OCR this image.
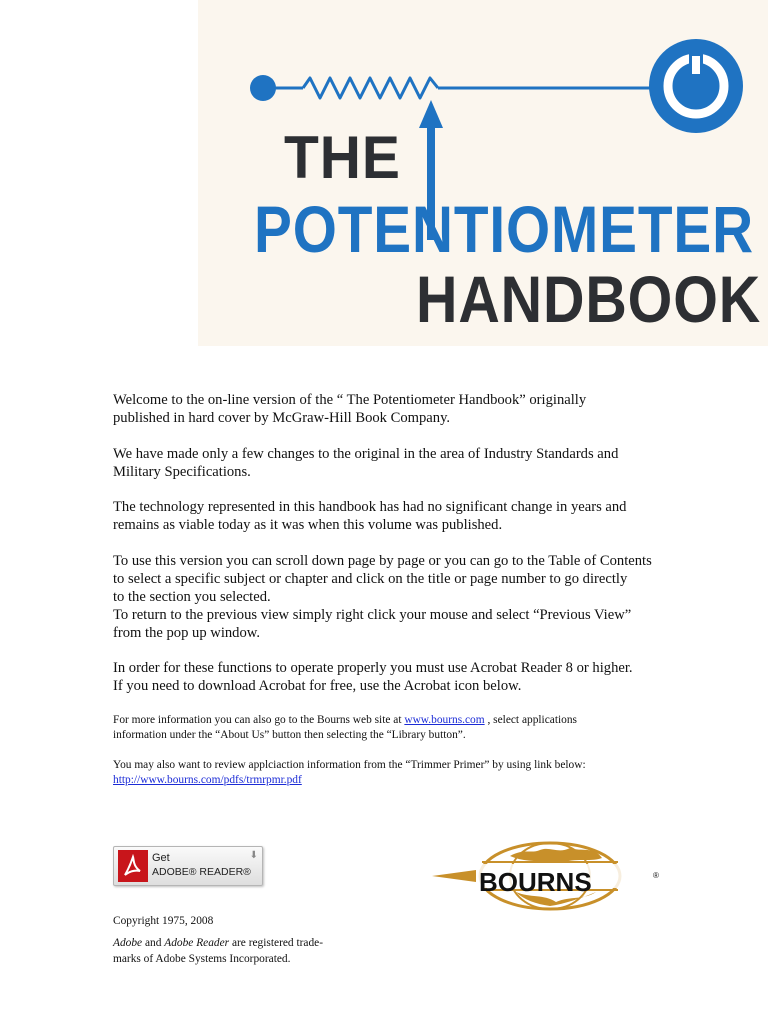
THE
POTENTIOMETER
HANDBOOK

Welcome to the on-line version of the “ The Potentiometer Handbook” originally
published in hard cover by McGraw-Hill Book Company.

We have made only a few changes to the original in the area of Industry Standards and
Military Specifications.

The technology represented in this handbook has had no significant change in years and
remains as viable today as it was when this volume was published.

To use this version you can scroll down page by page or you can go to the Table of Contents
to select a specific subject or chapter and click on the title or page number to go directly
to the section you selected.
To return to the previous view simply right click your mouse and select “Previous View”
from the pop up window.

In order for these functions to operate properly you must use Acrobat Reader 8 or higher.
If you need to download Acrobat for free, use the Acrobat icon below.

For more information you can also go to the Bourns web site at www.bourns.com , select applications
information under the “About Us” button then selecting the “Library button”.

You may also want to review applciaction information from the “Trimmer Primer” by using link below:
http://www.bourns.com/pdfs/trmrpmr.pdf

Get
ADOBE® READER®
⬇
BOURNS	®

Copyright 1975, 2008

Adobe and Adobe Reader are registered trade-

marks of Adobe Systems Incorporated.
